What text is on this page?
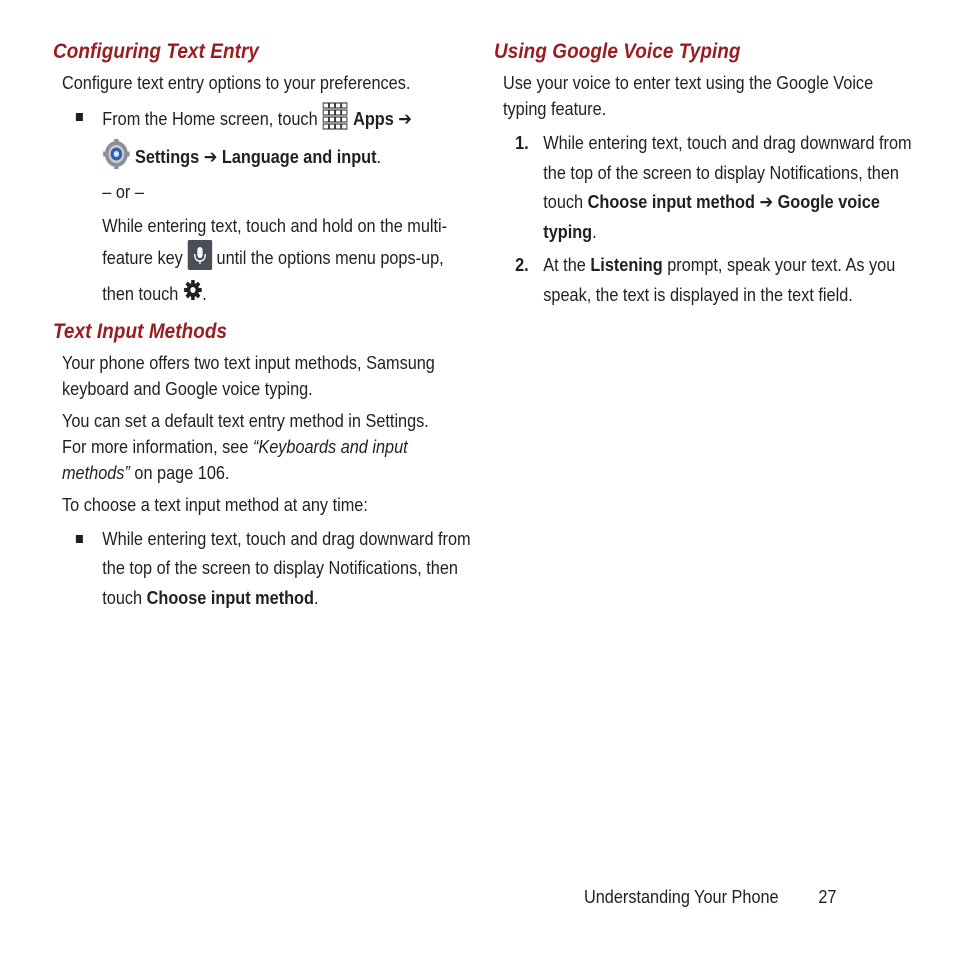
Configuring Text Entry
Configure text entry options to your preferences.
From the Home screen, touch Apps ➔
Settings ➔ Language and input.
– or –
While entering text, touch and hold on the multi-feature key until the options menu pops-up, then touch .
Text Input Methods
Your phone offers two text input methods, Samsung keyboard and Google voice typing.
You can set a default text entry method in Settings. For more information, see “Keyboards and input methods” on page 106.
To choose a text input method at any time:
While entering text, touch and drag downward from the top of the screen to display Notifications, then touch Choose input method.
Using Google Voice Typing
Use your voice to enter text using the Google Voice typing feature.
1. While entering text, touch and drag downward from the top of the screen to display Notifications, then touch Choose input method ➔ Google voice typing.
2. At the Listening prompt, speak your text. As you speak, the text is displayed in the text field.
Understanding Your Phone 27
